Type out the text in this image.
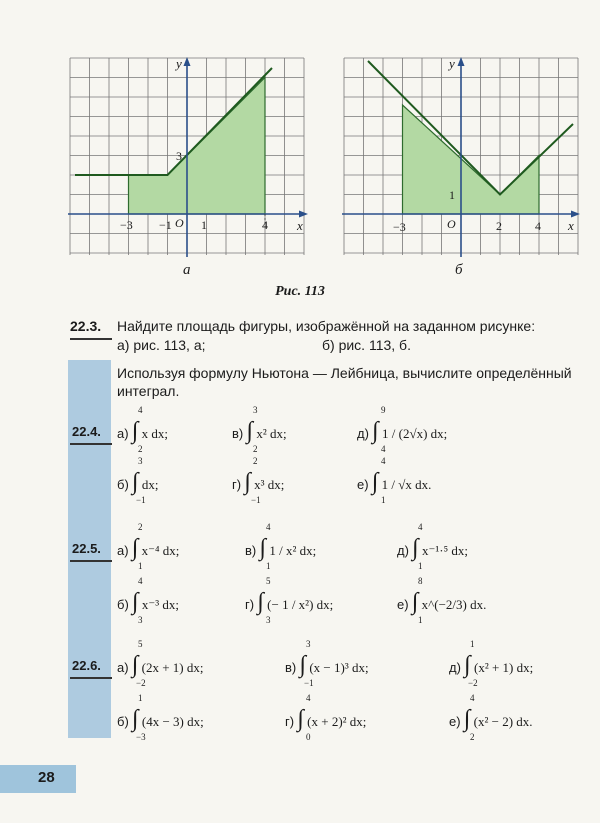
y
x
O
−3 −1 1	4
3
а
y
x
O
−3	2	4
1
б
Рис. 113
22.3. Найдите площадь фигуры, изображённой на заданном рисунке:
а) рис. 113, а;	б) рис. 113, б.
Используя формулу Ньютона — Лейбница, вычислите определённый интеграл.
22.4. а) ∫ x dx;
4
2
в) ∫ x² dx;
3
2
д) ∫ 1 / (2√x) dx;
9
4
б) ∫ dx;
3
−1
г) ∫ x³ dx;
2
−1
е) ∫ 1 / √x dx.
4
1
22.5. а) ∫ x⁻⁴ dx;
2
1
в) ∫ 1 / x² dx;
4
1
д) ∫ x⁻¹·⁵ dx;
4
1
б) ∫ x⁻³ dx;
4
3
г) ∫ (− 1 / x²) dx;
5
3
е) ∫ x^(−2/3) dx.
8
1
22.6. а) ∫ (2x + 1) dx;
5
−2
в) ∫ (x − 1)³ dx;
3
−1
д) ∫ (x² + 1) dx;
1
−2
б) ∫ (4x − 3) dx;
1
−3
г) ∫ (x + 2)² dx;
4
0
е) ∫ (x² − 2) dx.
4
2
28
